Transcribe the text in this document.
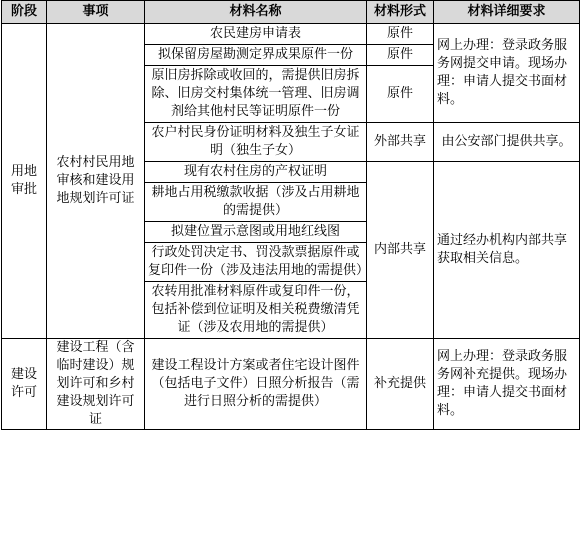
阶段	事项	材料名称	材料形式	材料详细要求
用地审批	农村村民用地审核和建设用地规划许可证	农民建房申请表	原件	网上办理：登录政务服务网提交申请。现场办理：申请人提交书面材料。
		拟保留房屋勘测定界成果原件一份	原件	
		原旧房拆除或收回的，需提供旧房拆除、旧房交村集体统一管理、旧房调剂给其他村民等证明原件一份	原件	
		农户村民身份证明材料及独生子女证明（独生子女）	外部共享	由公安部门提供共享。
		现有农村住房的产权证明	内部共享	通过经办机构内部共享获取相关信息。
		耕地占用税缴款收据（涉及占用耕地的需提供）		
		拟建位置示意图或用地红线图		
		行政处罚决定书、罚没款票据原件或复印件一份（涉及违法用地的需提供）		
		农转用批准材料原件或复印件一份，包括补偿到位证明及相关税费缴清凭证（涉及农用地的需提供）		
建设许可	建设工程（含临时建设）规划许可和乡村建设规划许可证	建设工程设计方案或者住宅设计图件（包括电子文件）日照分析报告（需进行日照分析的需提供）	补充提供	网上办理：登录政务服务网补充提供。现场办理：申请人提交书面材料。
